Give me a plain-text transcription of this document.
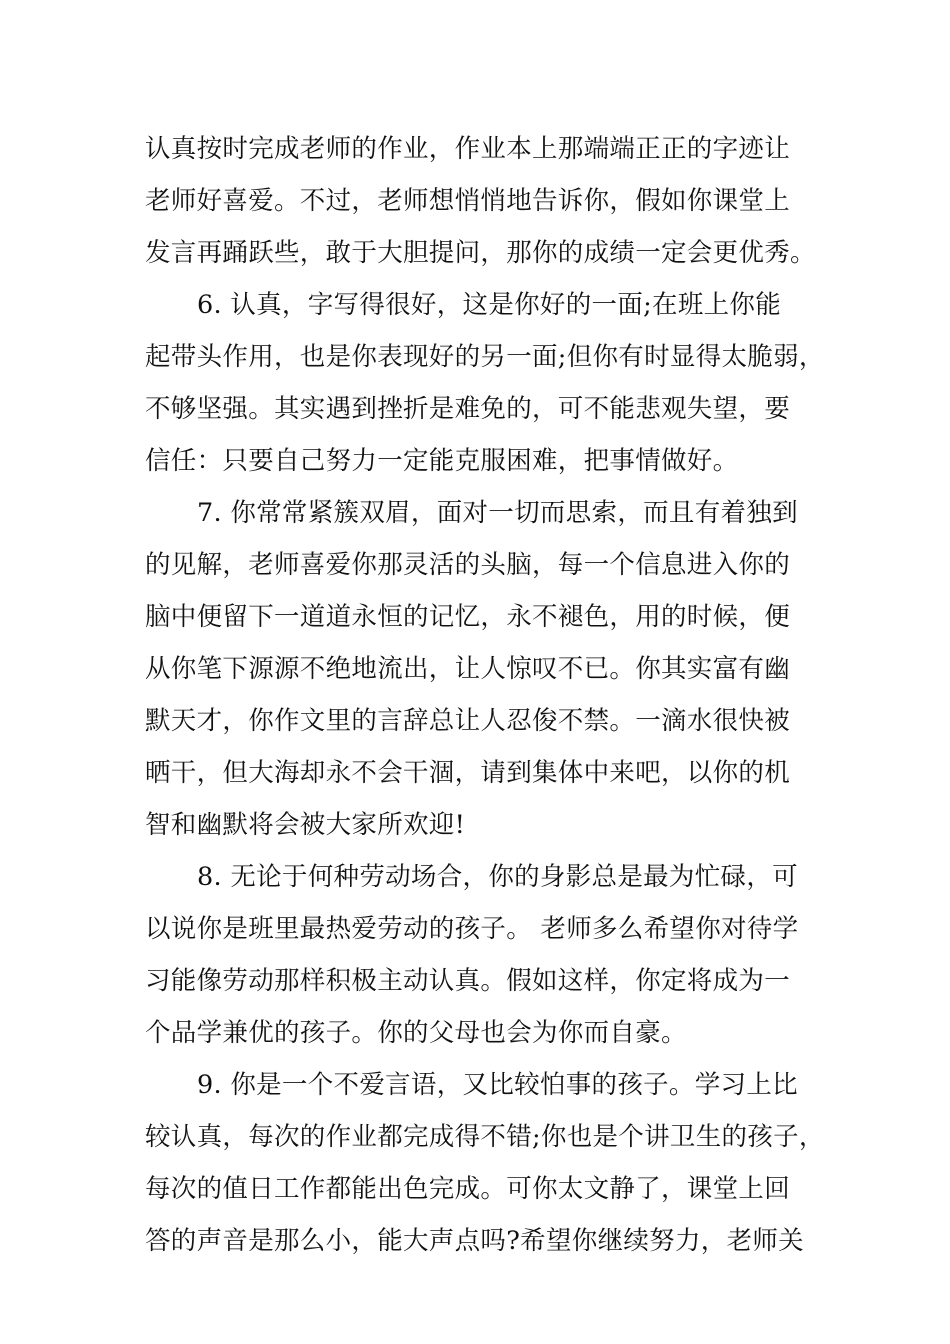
认真按时完成老师的作业，作业本上那端端正正的字迹让
老师好喜爱。不过，老师想悄悄地告诉你，假如你课堂上
发言再踊跃些，敢于大胆提问，那你的成绩一定会更优秀。
6. 认真，字写得很好，这是你好的一面;在班上你能
起带头作用，也是你表现好的另一面;但你有时显得太脆弱，
不够坚强。其实遇到挫折是难免的，可不能悲观失望，要
信任：只要自己努力一定能克服困难，把事情做好。
7. 你常常紧簇双眉，面对一切而思索，而且有着独到
的见解，老师喜爱你那灵活的头脑，每一个信息进入你的
脑中便留下一道道永恒的记忆，永不褪色，用的时候，便
从你笔下源源不绝地流出，让人惊叹不已。你其实富有幽
默天才，你作文里的言辞总让人忍俊不禁。一滴水很快被
晒干，但大海却永不会干涸，请到集体中来吧，以你的机
智和幽默将会被大家所欢迎!
8. 无论于何种劳动场合，你的身影总是最为忙碌，可
以说你是班里最热爱劳动的孩子。 老师多么希望你对待学
习能像劳动那样积极主动认真。假如这样，你定将成为一
个品学兼优的孩子。你的父母也会为你而自豪。
9. 你是一个不爱言语，又比较怕事的孩子。学习上比
较认真，每次的作业都完成得不错;你也是个讲卫生的孩子，
每次的值日工作都能出色完成。可你太文静了，课堂上回
答的声音是那么小，能大声点吗?希望你继续努力，老师关
